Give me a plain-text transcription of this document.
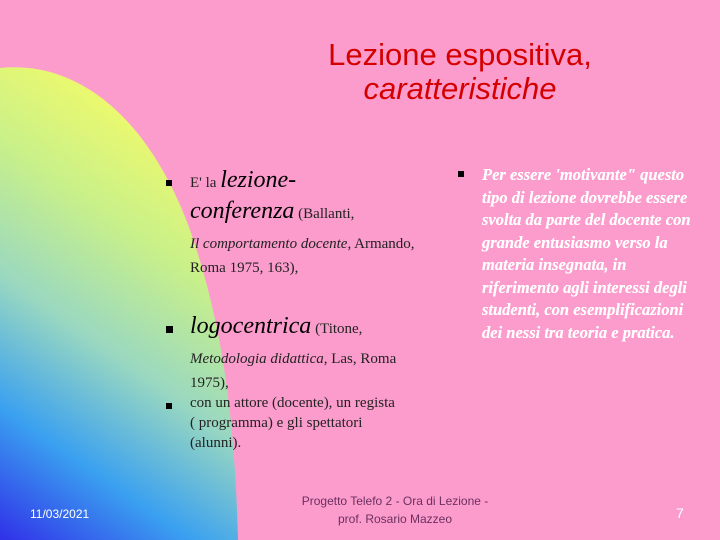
Lezione espositiva,
caratteristiche
E' la lezione-
conferenza (Ballanti,
Il comportamento docente, Armando, Roma 1975, 163),
logocentrica (Titone,
Metodologia didattica, Las, Roma 1975),
con un attore (docente), un regista ( programma) e gli spettatori (alunni).
Per essere 'motivante" questo tipo di lezione dovrebbe essere svolta da parte del docente con grande entusiasmo verso la materia insegnata, in riferimento agli interessi degli studenti, con esemplificazioni dei nessi tra teoria e pratica.
11/03/2021
Progetto Telefo 2 - Ora di Lezione -
prof. Rosario Mazzeo	7
